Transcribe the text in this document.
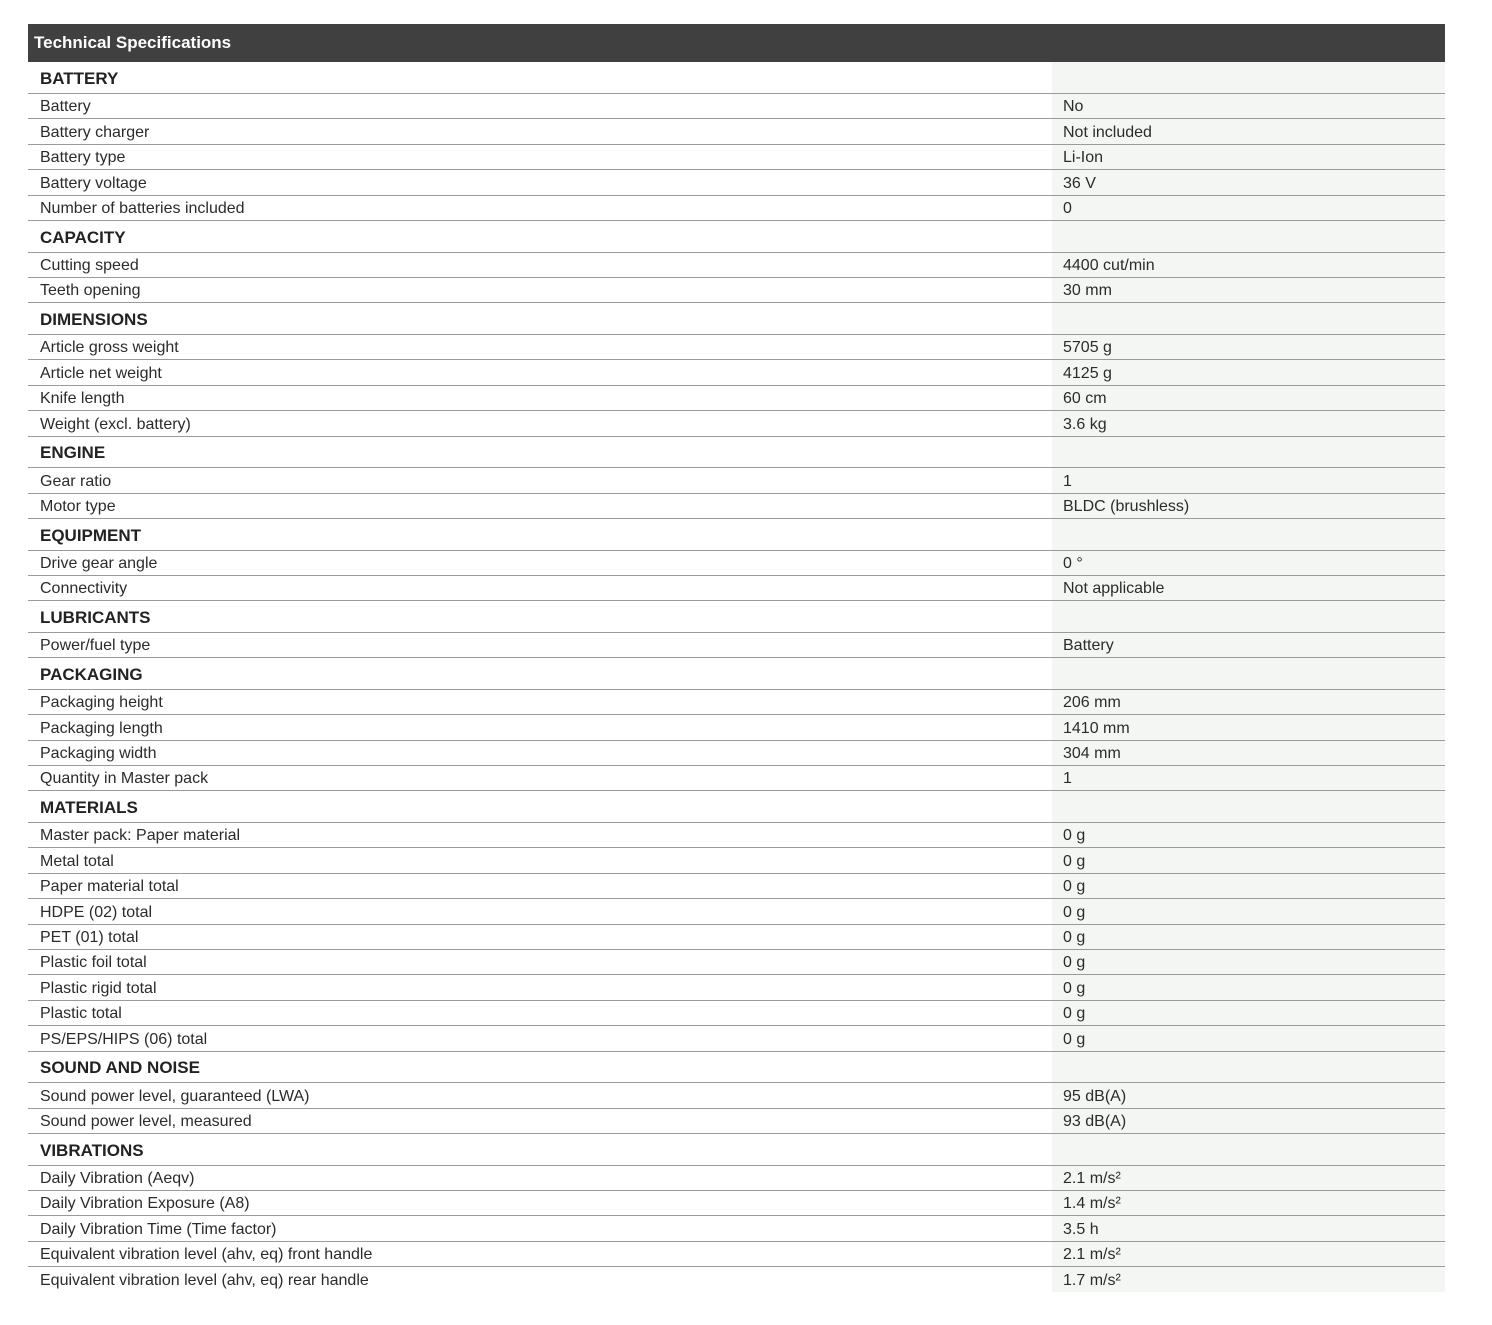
Technical Specifications
BATTERY	
Battery	No
Battery charger	Not included
Battery type	Li-Ion
Battery voltage	36 V
Number of batteries included	0
CAPACITY	
Cutting speed	4400 cut/min
Teeth opening	30 mm
DIMENSIONS	
Article gross weight	5705 g
Article net weight	4125 g
Knife length	60 cm
Weight (excl. battery)	3.6 kg
ENGINE	
Gear ratio	1
Motor type	BLDC (brushless)
EQUIPMENT	
Drive gear angle	0 °
Connectivity	Not applicable
LUBRICANTS	
Power/fuel type	Battery
PACKAGING	
Packaging height	206 mm
Packaging length	1410 mm
Packaging width	304 mm
Quantity in Master pack	1
MATERIALS	
Master pack: Paper material	0 g
Metal total	0 g
Paper material total	0 g
HDPE (02) total	0 g
PET (01) total	0 g
Plastic foil total	0 g
Plastic rigid total	0 g
Plastic total	0 g
PS/EPS/HIPS (06) total	0 g
SOUND AND NOISE	
Sound power level, guaranteed (LWA)	95 dB(A)
Sound power level, measured	93 dB(A)
VIBRATIONS	
Daily Vibration (Aeqv)	2.1 m/s²
Daily Vibration Exposure (A8)	1.4 m/s²
Daily Vibration Time (Time factor)	3.5 h
Equivalent vibration level (ahv, eq) front handle	2.1 m/s²
Equivalent vibration level (ahv, eq) rear handle	1.7 m/s²
